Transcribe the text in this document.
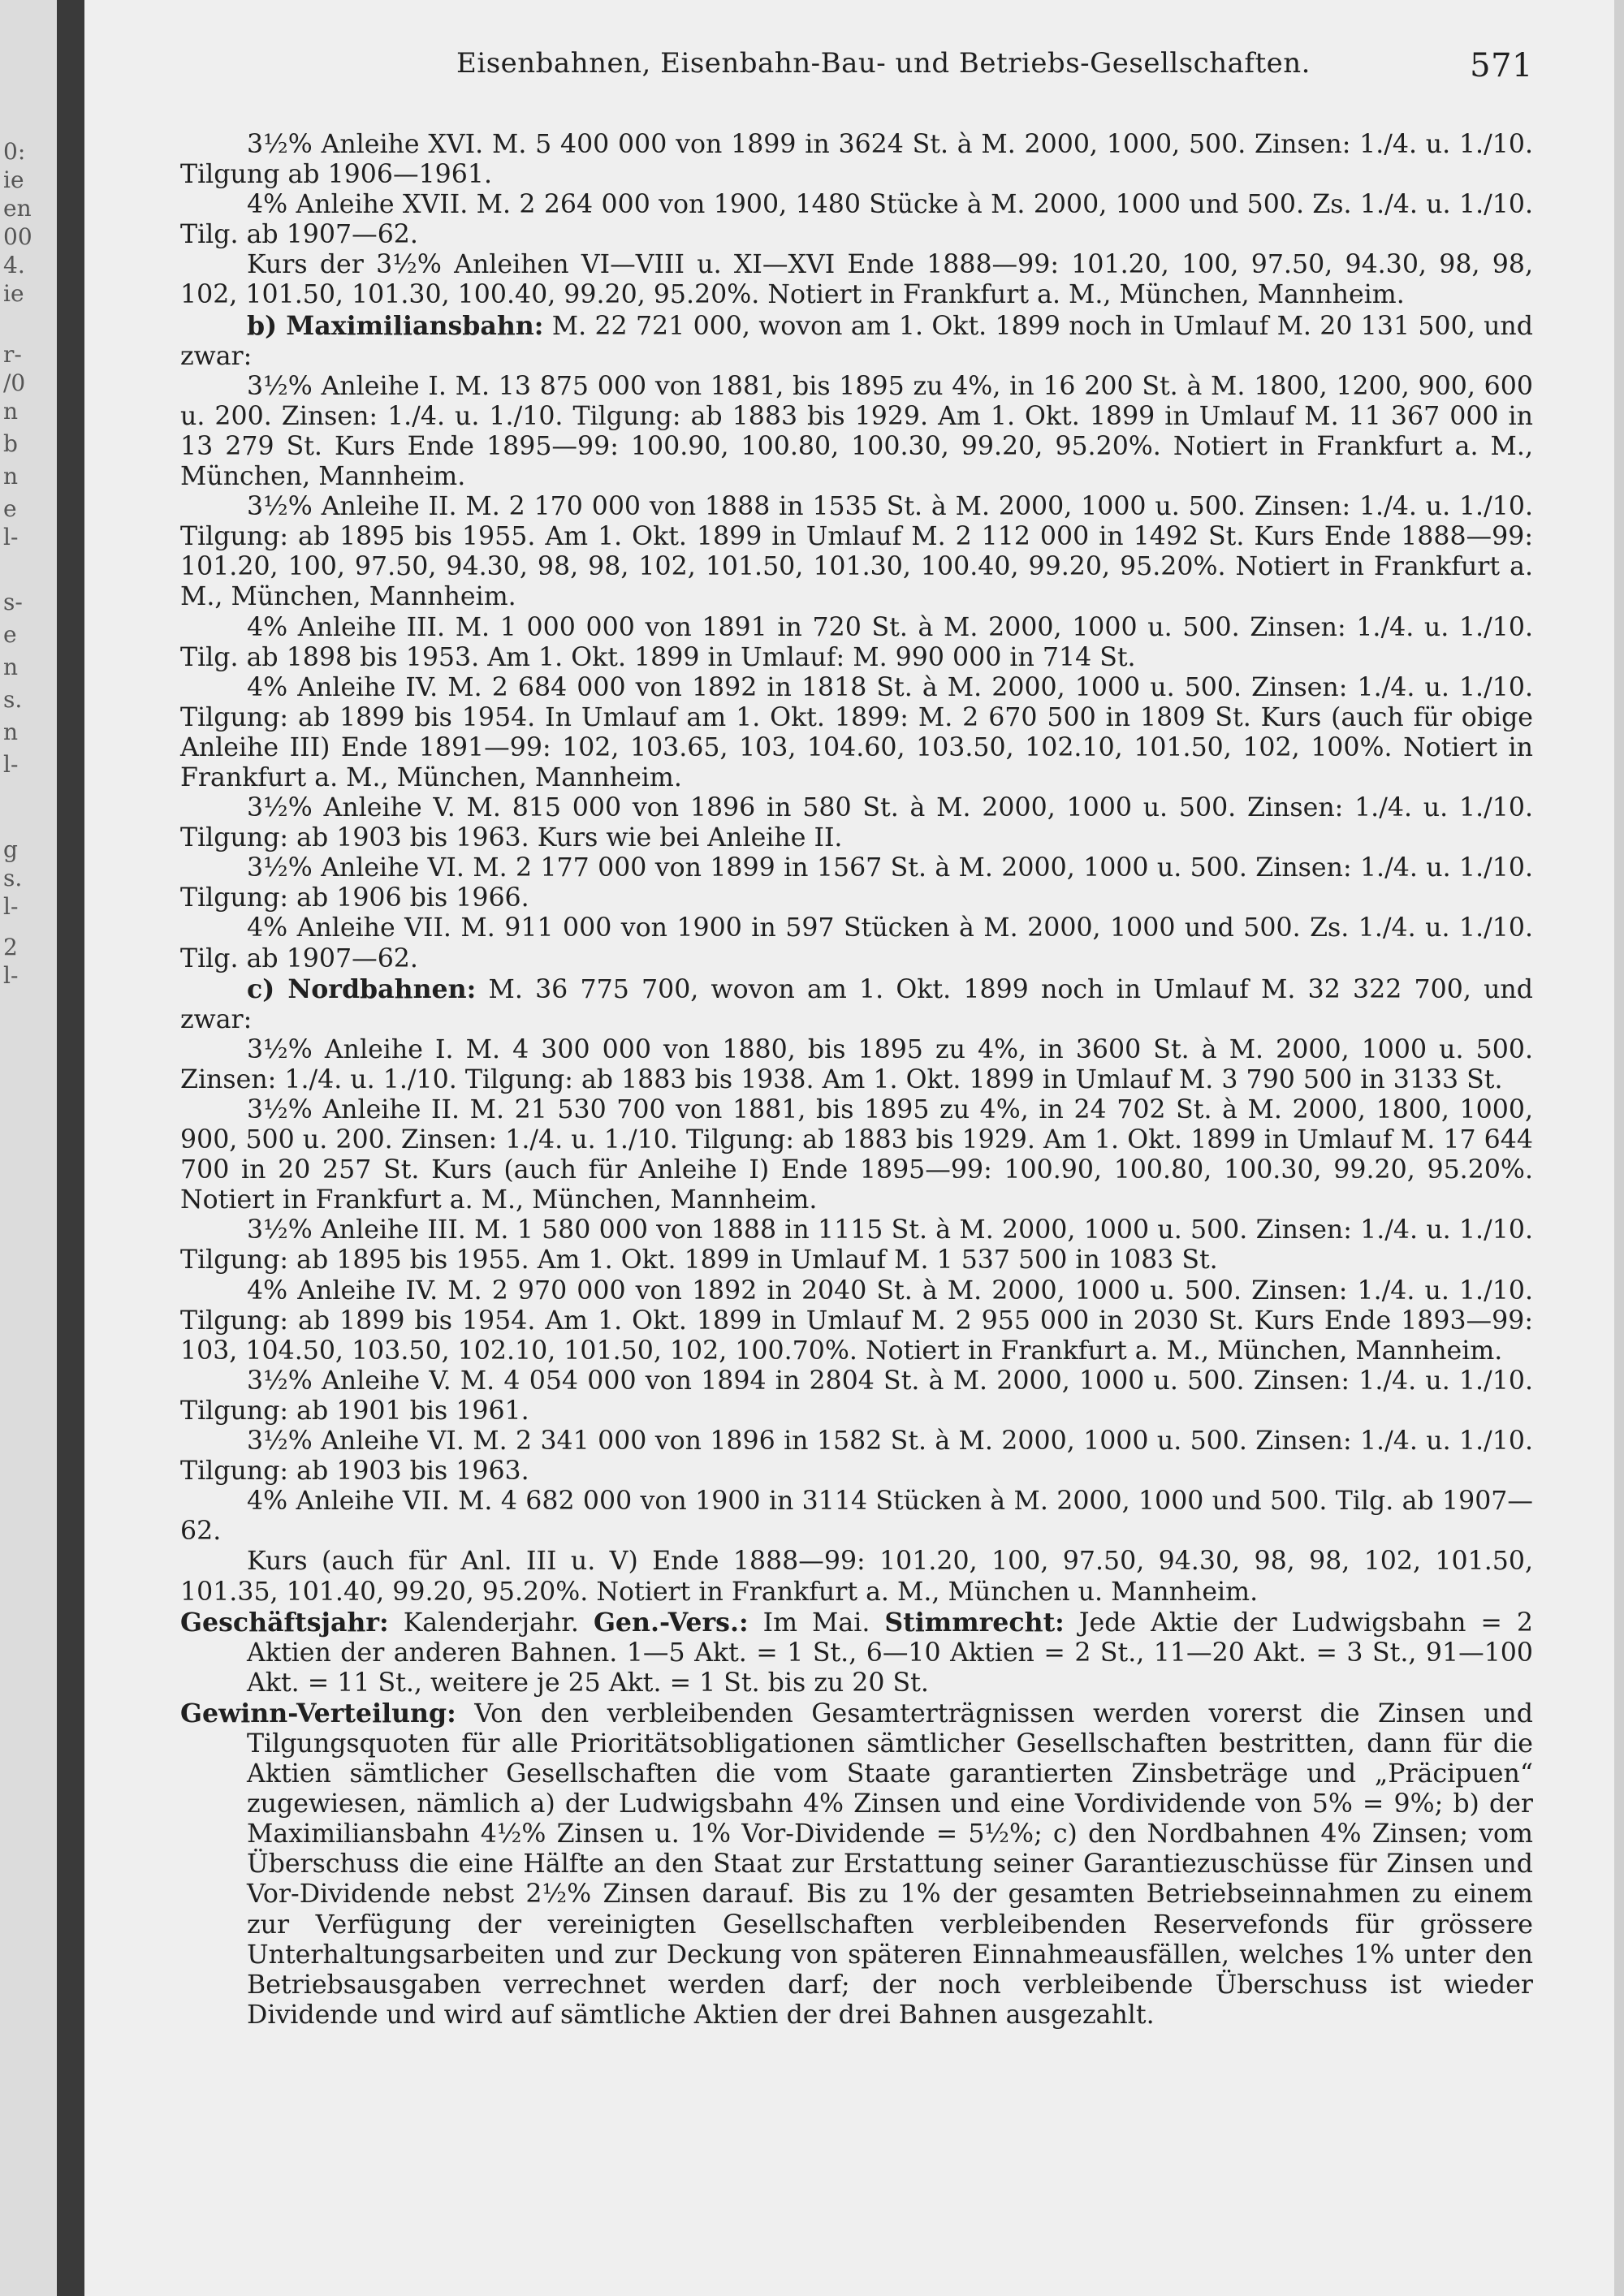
0:
ie
en
00
4.
ie
r-
/0
n
b
n
e
l-
s-
e
n
s.
n
l-
g
s.
l-
2
l-
Eisenbahnen, Eisenbahn-Bau- und Betriebs-Gesellschaften.	571

3½% Anleihe XVI. M. 5 400 000 von 1899 in 3624 St. à M. 2000, 1000, 500. Zinsen: 1./4. u. 1./10. Tilgung ab 1906—1961.

4% Anleihe XVII. M. 2 264 000 von 1900, 1480 Stücke à M. 2000, 1000 und 500. Zs. 1./4. u. 1./10. Tilg. ab 1907—62.

Kurs der 3½% Anleihen VI—VIII u. XI—XVI Ende 1888—99: 101.20, 100, 97.50, 94.30, 98, 98, 102, 101.50, 101.30, 100.40, 99.20, 95.20%. Notiert in Frankfurt a. M., München, Mannheim.

b) Maximiliansbahn: M. 22 721 000, wovon am 1. Okt. 1899 noch in Umlauf M. 20 131 500, und zwar:

3½% Anleihe I. M. 13 875 000 von 1881, bis 1895 zu 4%, in 16 200 St. à M. 1800, 1200, 900, 600 u. 200. Zinsen: 1./4. u. 1./10. Tilgung: ab 1883 bis 1929. Am 1. Okt. 1899 in Umlauf M. 11 367 000 in 13 279 St. Kurs Ende 1895—99: 100.90, 100.80, 100.30, 99.20, 95.20%. Notiert in Frankfurt a. M., München, Mannheim.

3½% Anleihe II. M. 2 170 000 von 1888 in 1535 St. à M. 2000, 1000 u. 500. Zinsen: 1./4. u. 1./10. Tilgung: ab 1895 bis 1955. Am 1. Okt. 1899 in Umlauf M. 2 112 000 in 1492 St. Kurs Ende 1888—99: 101.20, 100, 97.50, 94.30, 98, 98, 102, 101.50, 101.30, 100.40, 99.20, 95.20%. Notiert in Frankfurt a. M., München, Mannheim.

4% Anleihe III. M. 1 000 000 von 1891 in 720 St. à M. 2000, 1000 u. 500. Zinsen: 1./4. u. 1./10. Tilg. ab 1898 bis 1953. Am 1. Okt. 1899 in Umlauf: M. 990 000 in 714 St.

4% Anleihe IV. M. 2 684 000 von 1892 in 1818 St. à M. 2000, 1000 u. 500. Zinsen: 1./4. u. 1./10. Tilgung: ab 1899 bis 1954. In Umlauf am 1. Okt. 1899: M. 2 670 500 in 1809 St. Kurs (auch für obige Anleihe III) Ende 1891—99: 102, 103.65, 103, 104.60, 103.50, 102.10, 101.50, 102, 100%. Notiert in Frankfurt a. M., München, Mannheim.

3½% Anleihe V. M. 815 000 von 1896 in 580 St. à M. 2000, 1000 u. 500. Zinsen: 1./4. u. 1./10. Tilgung: ab 1903 bis 1963. Kurs wie bei Anleihe II.

3½% Anleihe VI. M. 2 177 000 von 1899 in 1567 St. à M. 2000, 1000 u. 500. Zinsen: 1./4. u. 1./10. Tilgung: ab 1906 bis 1966.

4% Anleihe VII. M. 911 000 von 1900 in 597 Stücken à M. 2000, 1000 und 500. Zs. 1./4. u. 1./10. Tilg. ab 1907—62.

c) Nordbahnen: M. 36 775 700, wovon am 1. Okt. 1899 noch in Umlauf M. 32 322 700, und zwar:

3½% Anleihe I. M. 4 300 000 von 1880, bis 1895 zu 4%, in 3600 St. à M. 2000, 1000 u. 500. Zinsen: 1./4. u. 1./10. Tilgung: ab 1883 bis 1938. Am 1. Okt. 1899 in Umlauf M. 3 790 500 in 3133 St.

3½% Anleihe II. M. 21 530 700 von 1881, bis 1895 zu 4%, in 24 702 St. à M. 2000, 1800, 1000, 900, 500 u. 200. Zinsen: 1./4. u. 1./10. Tilgung: ab 1883 bis 1929. Am 1. Okt. 1899 in Umlauf M. 17 644 700 in 20 257 St. Kurs (auch für Anleihe I) Ende 1895—99: 100.90, 100.80, 100.30, 99.20, 95.20%. Notiert in Frankfurt a. M., München, Mannheim.

3½% Anleihe III. M. 1 580 000 von 1888 in 1115 St. à M. 2000, 1000 u. 500. Zinsen: 1./4. u. 1./10. Tilgung: ab 1895 bis 1955. Am 1. Okt. 1899 in Umlauf M. 1 537 500 in 1083 St.

4% Anleihe IV. M. 2 970 000 von 1892 in 2040 St. à M. 2000, 1000 u. 500. Zinsen: 1./4. u. 1./10. Tilgung: ab 1899 bis 1954. Am 1. Okt. 1899 in Umlauf M. 2 955 000 in 2030 St. Kurs Ende 1893—99: 103, 104.50, 103.50, 102.10, 101.50, 102, 100.70%. Notiert in Frankfurt a. M., München, Mannheim.

3½% Anleihe V. M. 4 054 000 von 1894 in 2804 St. à M. 2000, 1000 u. 500. Zinsen: 1./4. u. 1./10. Tilgung: ab 1901 bis 1961.

3½% Anleihe VI. M. 2 341 000 von 1896 in 1582 St. à M. 2000, 1000 u. 500. Zinsen: 1./4. u. 1./10. Tilgung: ab 1903 bis 1963.

4% Anleihe VII. M. 4 682 000 von 1900 in 3114 Stücken à M. 2000, 1000 und 500. Tilg. ab 1907—62.

Kurs (auch für Anl. III u. V) Ende 1888—99: 101.20, 100, 97.50, 94.30, 98, 98, 102, 101.50, 101.35, 101.40, 99.20, 95.20%. Notiert in Frankfurt a. M., München u. Mannheim.

Geschäftsjahr: Kalenderjahr. Gen.-Vers.: Im Mai. Stimmrecht: Jede Aktie der Ludwigsbahn = 2 Aktien der anderen Bahnen. 1—5 Akt. = 1 St., 6—10 Aktien = 2 St., 11—20 Akt. = 3 St., 91—100 Akt. = 11 St., weitere je 25 Akt. = 1 St. bis zu 20 St.

Gewinn-Verteilung: Von den verbleibenden Gesamterträgnissen werden vorerst die Zinsen und Tilgungsquoten für alle Prioritätsobligationen sämtlicher Gesellschaften bestritten, dann für die Aktien sämtlicher Gesellschaften die vom Staate garantierten Zinsbeträge und „Präcipuen“ zugewiesen, nämlich a) der Ludwigsbahn 4% Zinsen und eine Vordividende von 5% = 9%; b) der Maximiliansbahn 4½% Zinsen u. 1% Vor-Dividende = 5½%; c) den Nordbahnen 4% Zinsen; vom Überschuss die eine Hälfte an den Staat zur Erstattung seiner Garantiezuschüsse für Zinsen und Vor-Dividende nebst 2½% Zinsen darauf. Bis zu 1% der gesamten Betriebseinnahmen zu einem zur Verfügung der vereinigten Gesellschaften verbleibenden Reservefonds für grössere Unterhaltungsarbeiten und zur Deckung von späteren Einnahmeausfällen, welches 1% unter den Betriebsausgaben verrechnet werden darf; der noch verbleibende Überschuss ist wieder Dividende und wird auf sämtliche Aktien der drei Bahnen ausgezahlt.
